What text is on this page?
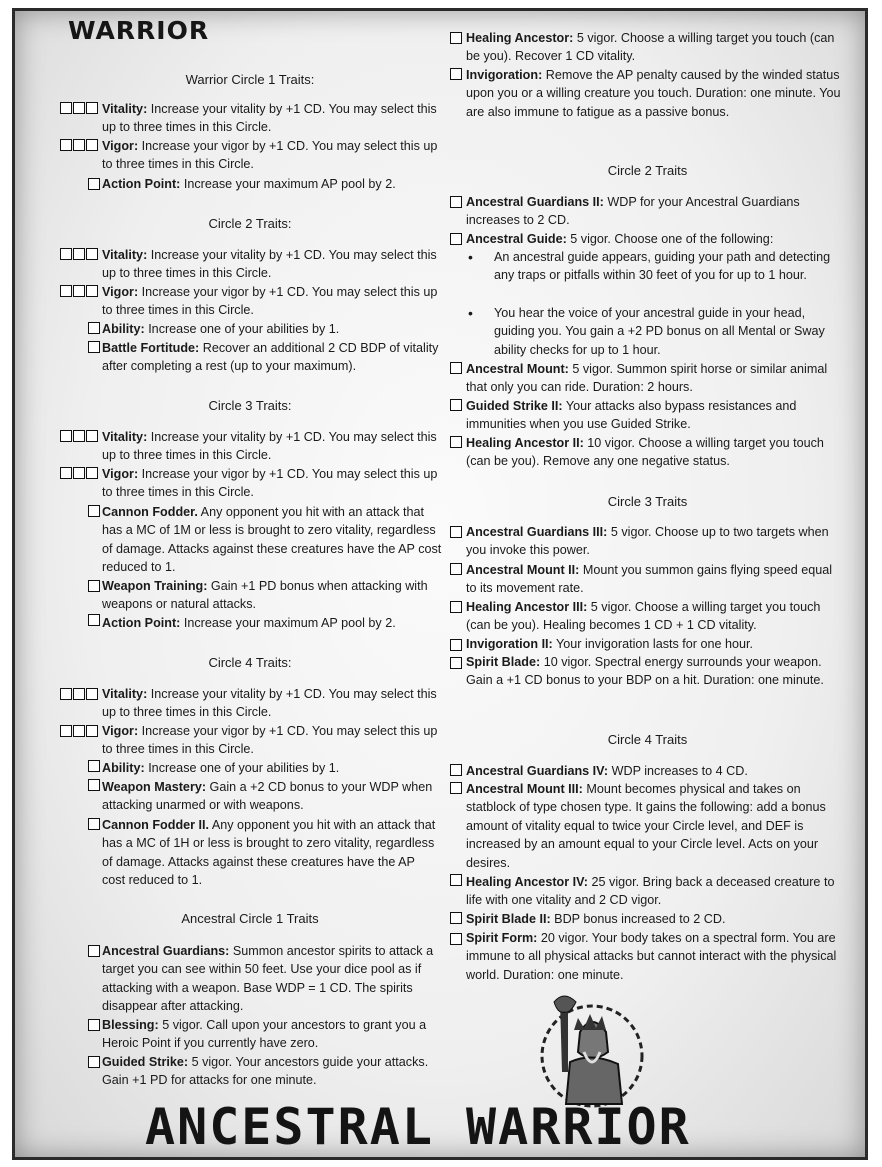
WARRIOR
Warrior Circle 1 Traits:

Vitality: Increase your vitality by +1 CD. You may select this up to three times in this Circle.

Vigor: Increase your vigor by +1 CD. You may select this up to three times in this Circle.

Action Point: Increase your maximum AP pool by 2.

Circle 2 Traits:

Vitality: Increase your vitality by +1 CD. You may select this up to three times in this Circle.

Vigor: Increase your vigor by +1 CD. You may select this up to three times in this Circle.

Ability: Increase one of your abilities by 1.

Battle Fortitude: Recover an additional 2 CD BDP of vitality after completing a rest (up to your maximum).

Circle 3 Traits:

Vitality: Increase your vitality by +1 CD. You may select this up to three times in this Circle.

Vigor: Increase your vigor by +1 CD. You may select this up to three times in this Circle.

Cannon Fodder. Any opponent you hit with an attack that has a MC of 1M or less is brought to zero vitality, regardless of damage. Attacks against these creatures have the AP cost reduced to 1.

Weapon Training: Gain +1 PD bonus when attacking with weapons or natural attacks.

Action Point: Increase your maximum AP pool by 2.

Circle 4 Traits:

Vitality: Increase your vitality by +1 CD. You may select this up to three times in this Circle.

Vigor: Increase your vigor by +1 CD. You may select this up to three times in this Circle.

Ability: Increase one of your abilities by 1.

Weapon Mastery: Gain a +2 CD bonus to your WDP when attacking unarmed or with weapons.

Cannon Fodder II. Any opponent you hit with an attack that has a MC of 1H or less is brought to zero vitality, regardless of damage. Attacks against these creatures have the AP cost reduced to 1.

Ancestral Circle 1 Traits

Ancestral Guardians: Summon ancestor spirits to attack a target you can see within 50 feet. Use your dice pool as if attacking with a weapon. Base WDP = 1 CD. The spirits disappear after attacking.

Blessing: 5 vigor. Call upon your ancestors to grant you a Heroic Point if you currently have zero.

Guided Strike: 5 vigor. Your ancestors guide your attacks. Gain +1 PD for attacks for one minute.

Healing Ancestor: 5 vigor. Choose a willing target you touch (can be you). Recover 1 CD vitality.

Invigoration: Remove the AP penalty caused by the winded status upon you or a willing creature you touch. Duration: one minute. You are also immune to fatigue as a passive bonus.

Circle 2 Traits

Ancestral Guardians II: WDP for your Ancestral Guardians increases to 2 CD.

Ancestral Guide: 5 vigor. Choose one of the following:

• An ancestral guide appears, guiding your path and detecting any traps or pitfalls within 30 feet of you for up to 1 hour.
• You hear the voice of your ancestral guide in your head, guiding you. You gain a +2 PD bonus on all Mental or Sway ability checks for up to 1 hour.

Ancestral Mount: 5 vigor. Summon spirit horse or similar animal that only you can ride. Duration: 2 hours.

Guided Strike II: Your attacks also bypass resistances and immunities when you use Guided Strike.

Healing Ancestor II: 10 vigor. Choose a willing target you touch (can be you). Remove any one negative status.

Circle 3 Traits

Ancestral Guardians III: 5 vigor. Choose up to two targets when you invoke this power.

Ancestral Mount II: Mount you summon gains flying speed equal to its movement rate.

Healing Ancestor III: 5 vigor. Choose a willing target you touch (can be you). Healing becomes 1 CD + 1 CD vitality.

Invigoration II: Your invigoration lasts for one hour.

Spirit Blade: 10 vigor. Spectral energy surrounds your weapon. Gain a +1 CD bonus to your BDP on a hit. Duration: one minute.

Circle 4 Traits

Ancestral Guardians IV: WDP increases to 4 CD.

Ancestral Mount III: Mount becomes physical and takes on statblock of type chosen type. It gains the following: add a bonus amount of vitality equal to twice your Circle level, and DEF is increased by an amount equal to your Circle level. Acts on your desires.

Healing Ancestor IV: 25 vigor. Bring back a deceased creature to life with one vitality and 2 CD vigor.

Spirit Blade II: BDP bonus increased to 2 CD.

Spirit Form: 20 vigor. Your body takes on a spectral form. You are immune to all physical attacks but cannot interact with the physical world. Duration: one minute.

ANCESTRAL WARRIOR
